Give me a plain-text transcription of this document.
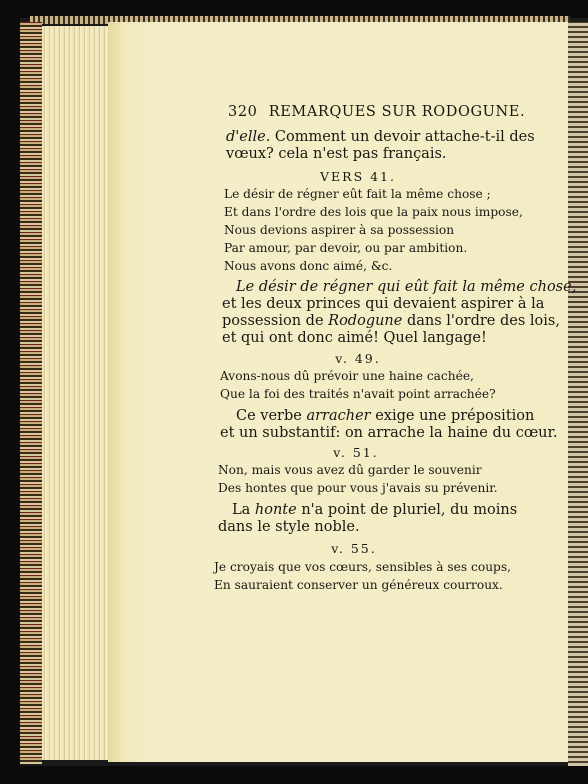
320 REMARQUES SUR RODOGUNE.
d'elle. Comment un devoir attache-t-il des
vœux? cela n'est pas français.
VERS 41.
Le désir de régner eût fait la même chose ;
Et dans l'ordre des lois que la paix nous impose,
Nous devions aspirer à sa possession
Par amour, par devoir, ou par ambition.
Nous avons donc aimé, &c.
Le désir de régner qui eût fait la même chose,
et les deux princes qui devaient aspirer à la
possession de Rodogune dans l'ordre des lois,
et qui ont donc aimé! Quel langage!
v. 49.
Avons-nous dû prévoir une haine cachée,
Que la foi des traités n'avait point arrachée?
Ce verbe arracher exige une préposition
et un substantif: on arrache la haine du cœur.
v. 51.
Non, mais vous avez dû garder le souvenir
Des hontes que pour vous j'avais su prévenir.
La honte n'a point de pluriel, du moins
dans le style noble.
v. 55.
Je croyais que vos cœurs, sensibles à ses coups,
En sauraient conserver un généreux courroux.
